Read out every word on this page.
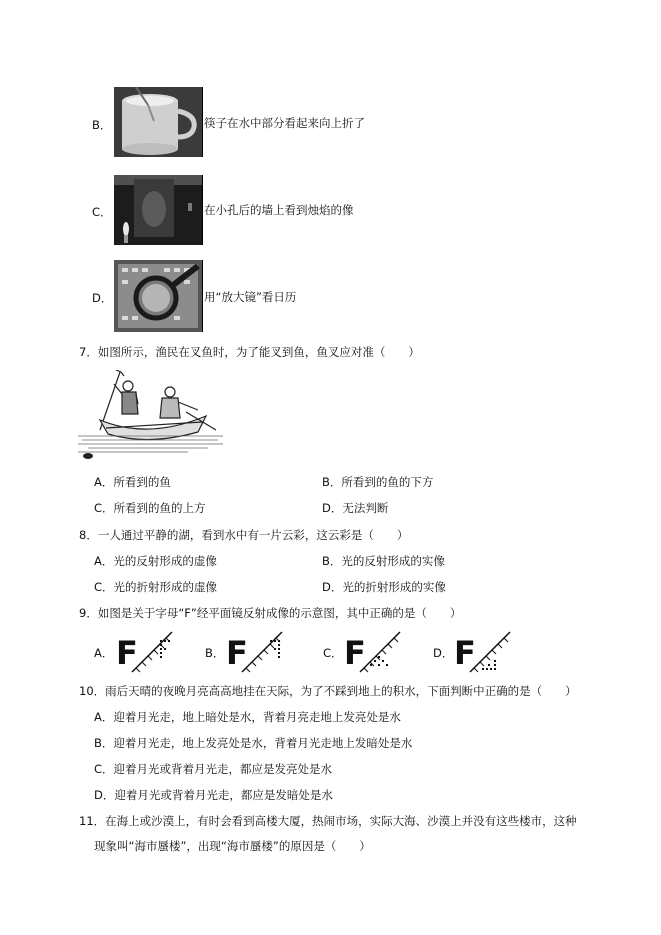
B．	筷子在水中部分看起来向上折了
C．	在小孔后的墙上看到烛焰的像
D．	用“放大镜”看日历
7．如图所示，渔民在叉鱼时，为了能叉到鱼，鱼叉应对准（　　）
A．所看到的鱼	B．所看到的鱼的下方
C．所看到的鱼的上方	D．无法判断
8．一人通过平静的湖，看到水中有一片云彩，这云彩是（　　）
A．光的反射形成的虚像	B．光的反射形成的实像
C．光的折射形成的虚像	D．光的折射形成的实像
9．如图是关于字母“F”经平面镜反射成像的示意图，其中正确的是（　　）
A． F	B． F	C． F	D． F
10．雨后天晴的夜晚月亮高高地挂在天际，为了不踩到地上的积水，下面判断中正确的是（　　）
A．迎着月光走，地上暗处是水，背着月亮走地上发亮处是水
B．迎着月光走，地上发亮处是水，背着月光走地上发暗处是水
C．迎着月光或背着月光走，都应是发亮处是水
D．迎着月光或背着月光走，都应是发暗处是水
11．在海上或沙漠上，有时会看到高楼大厦，热闹市场，实际大海、沙漠上并没有这些楼市，这种
现象叫“海市蜃楼”，出现“海市蜃楼”的原因是（　　）
